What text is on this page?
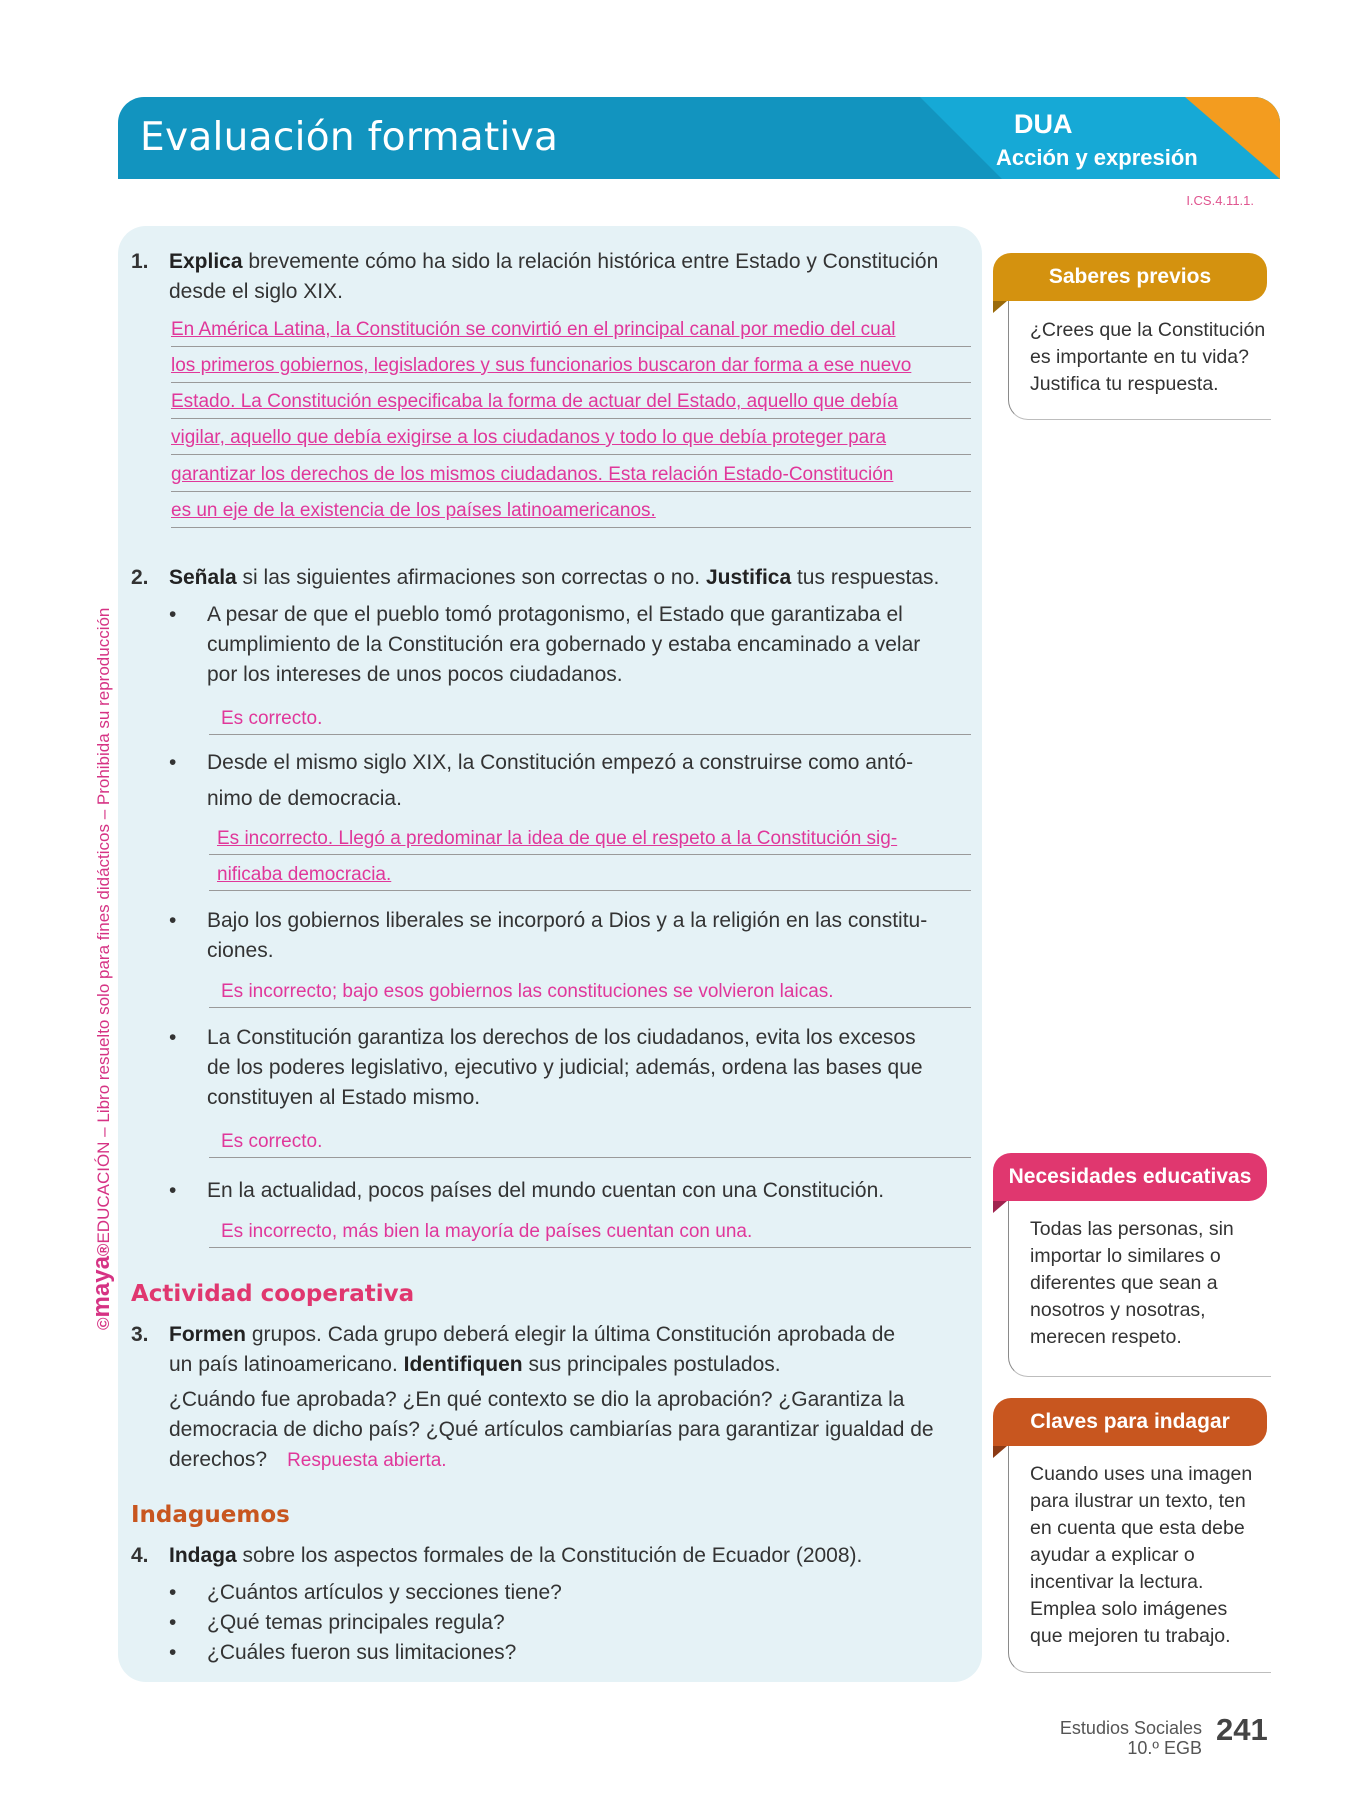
Evaluación formativa	DUA
Acción y expresión
I.CS.4.11.1.
©maya®EDUCACIÓN – Libro resuelto solo para fines didácticos – Prohibida su reproducción
1. Explica brevemente cómo ha sido la relación histórica entre Estado y Constitución
desde el siglo XIX.
En América Latina, la Constitución se convirtió en el principal canal por medio del cual
los primeros gobiernos, legisladores y sus funcionarios buscaron dar forma a ese nuevo
Estado. La Constitución especificaba la forma de actuar del Estado, aquello que debía
vigilar, aquello que debía exigirse a los ciudadanos y todo lo que debía proteger para
garantizar los derechos de los mismos ciudadanos. Esta relación Estado-Constitución
es un eje de la existencia de los países latinoamericanos.
2. Señala si las siguientes afirmaciones son correctas o no. Justifica tus respuestas.
• A pesar de que el pueblo tomó protagonismo, el Estado que garantizaba el
cumplimiento de la Constitución era gobernado y estaba encaminado a velar
por los intereses de unos pocos ciudadanos.
Es correcto.
• Desde el mismo siglo XIX, la Constitución empezó a construirse como antó-
nimo de democracia.
Es incorrecto. Llegó a predominar la idea de que el respeto a la Constitución sig-
nificaba democracia.
• Bajo los gobiernos liberales se incorporó a Dios y a la religión en las constitu-
ciones.
Es incorrecto; bajo esos gobiernos las constituciones se volvieron laicas.
• La Constitución garantiza los derechos de los ciudadanos, evita los excesos
de los poderes legislativo, ejecutivo y judicial; además, ordena las bases que
constituyen al Estado mismo.
Es correcto.
• En la actualidad, pocos países del mundo cuentan con una Constitución.
Es incorrecto, más bien la mayoría de países cuentan con una.
Actividad cooperativa
3. Formen grupos. Cada grupo deberá elegir la última Constitución aprobada de
un país latinoamericano. Identifiquen sus principales postulados.
¿Cuándo fue aprobada? ¿En qué contexto se dio la aprobación? ¿Garantiza la
democracia de dicho país? ¿Qué artículos cambiarías para garantizar igualdad de
derechos? Respuesta abierta.
Indaguemos
4. Indaga sobre los aspectos formales de la Constitución de Ecuador (2008).
• ¿Cuántos artículos y secciones tiene?
• ¿Qué temas principales regula?
• ¿Cuáles fueron sus limitaciones?
Saberes previos
¿Crees que la Constitución
es importante en tu vida?
Justifica tu respuesta.
Necesidades educativas
Todas las personas, sin
importar lo similares o
diferentes que sean a
nosotros y nosotras,
merecen respeto.
Claves para indagar
Cuando uses una imagen
para ilustrar un texto, ten
en cuenta que esta debe
ayudar a explicar o
incentivar la lectura.
Emplea solo imágenes
que mejoren tu trabajo.
Estudios Sociales
10.º EGB
241
